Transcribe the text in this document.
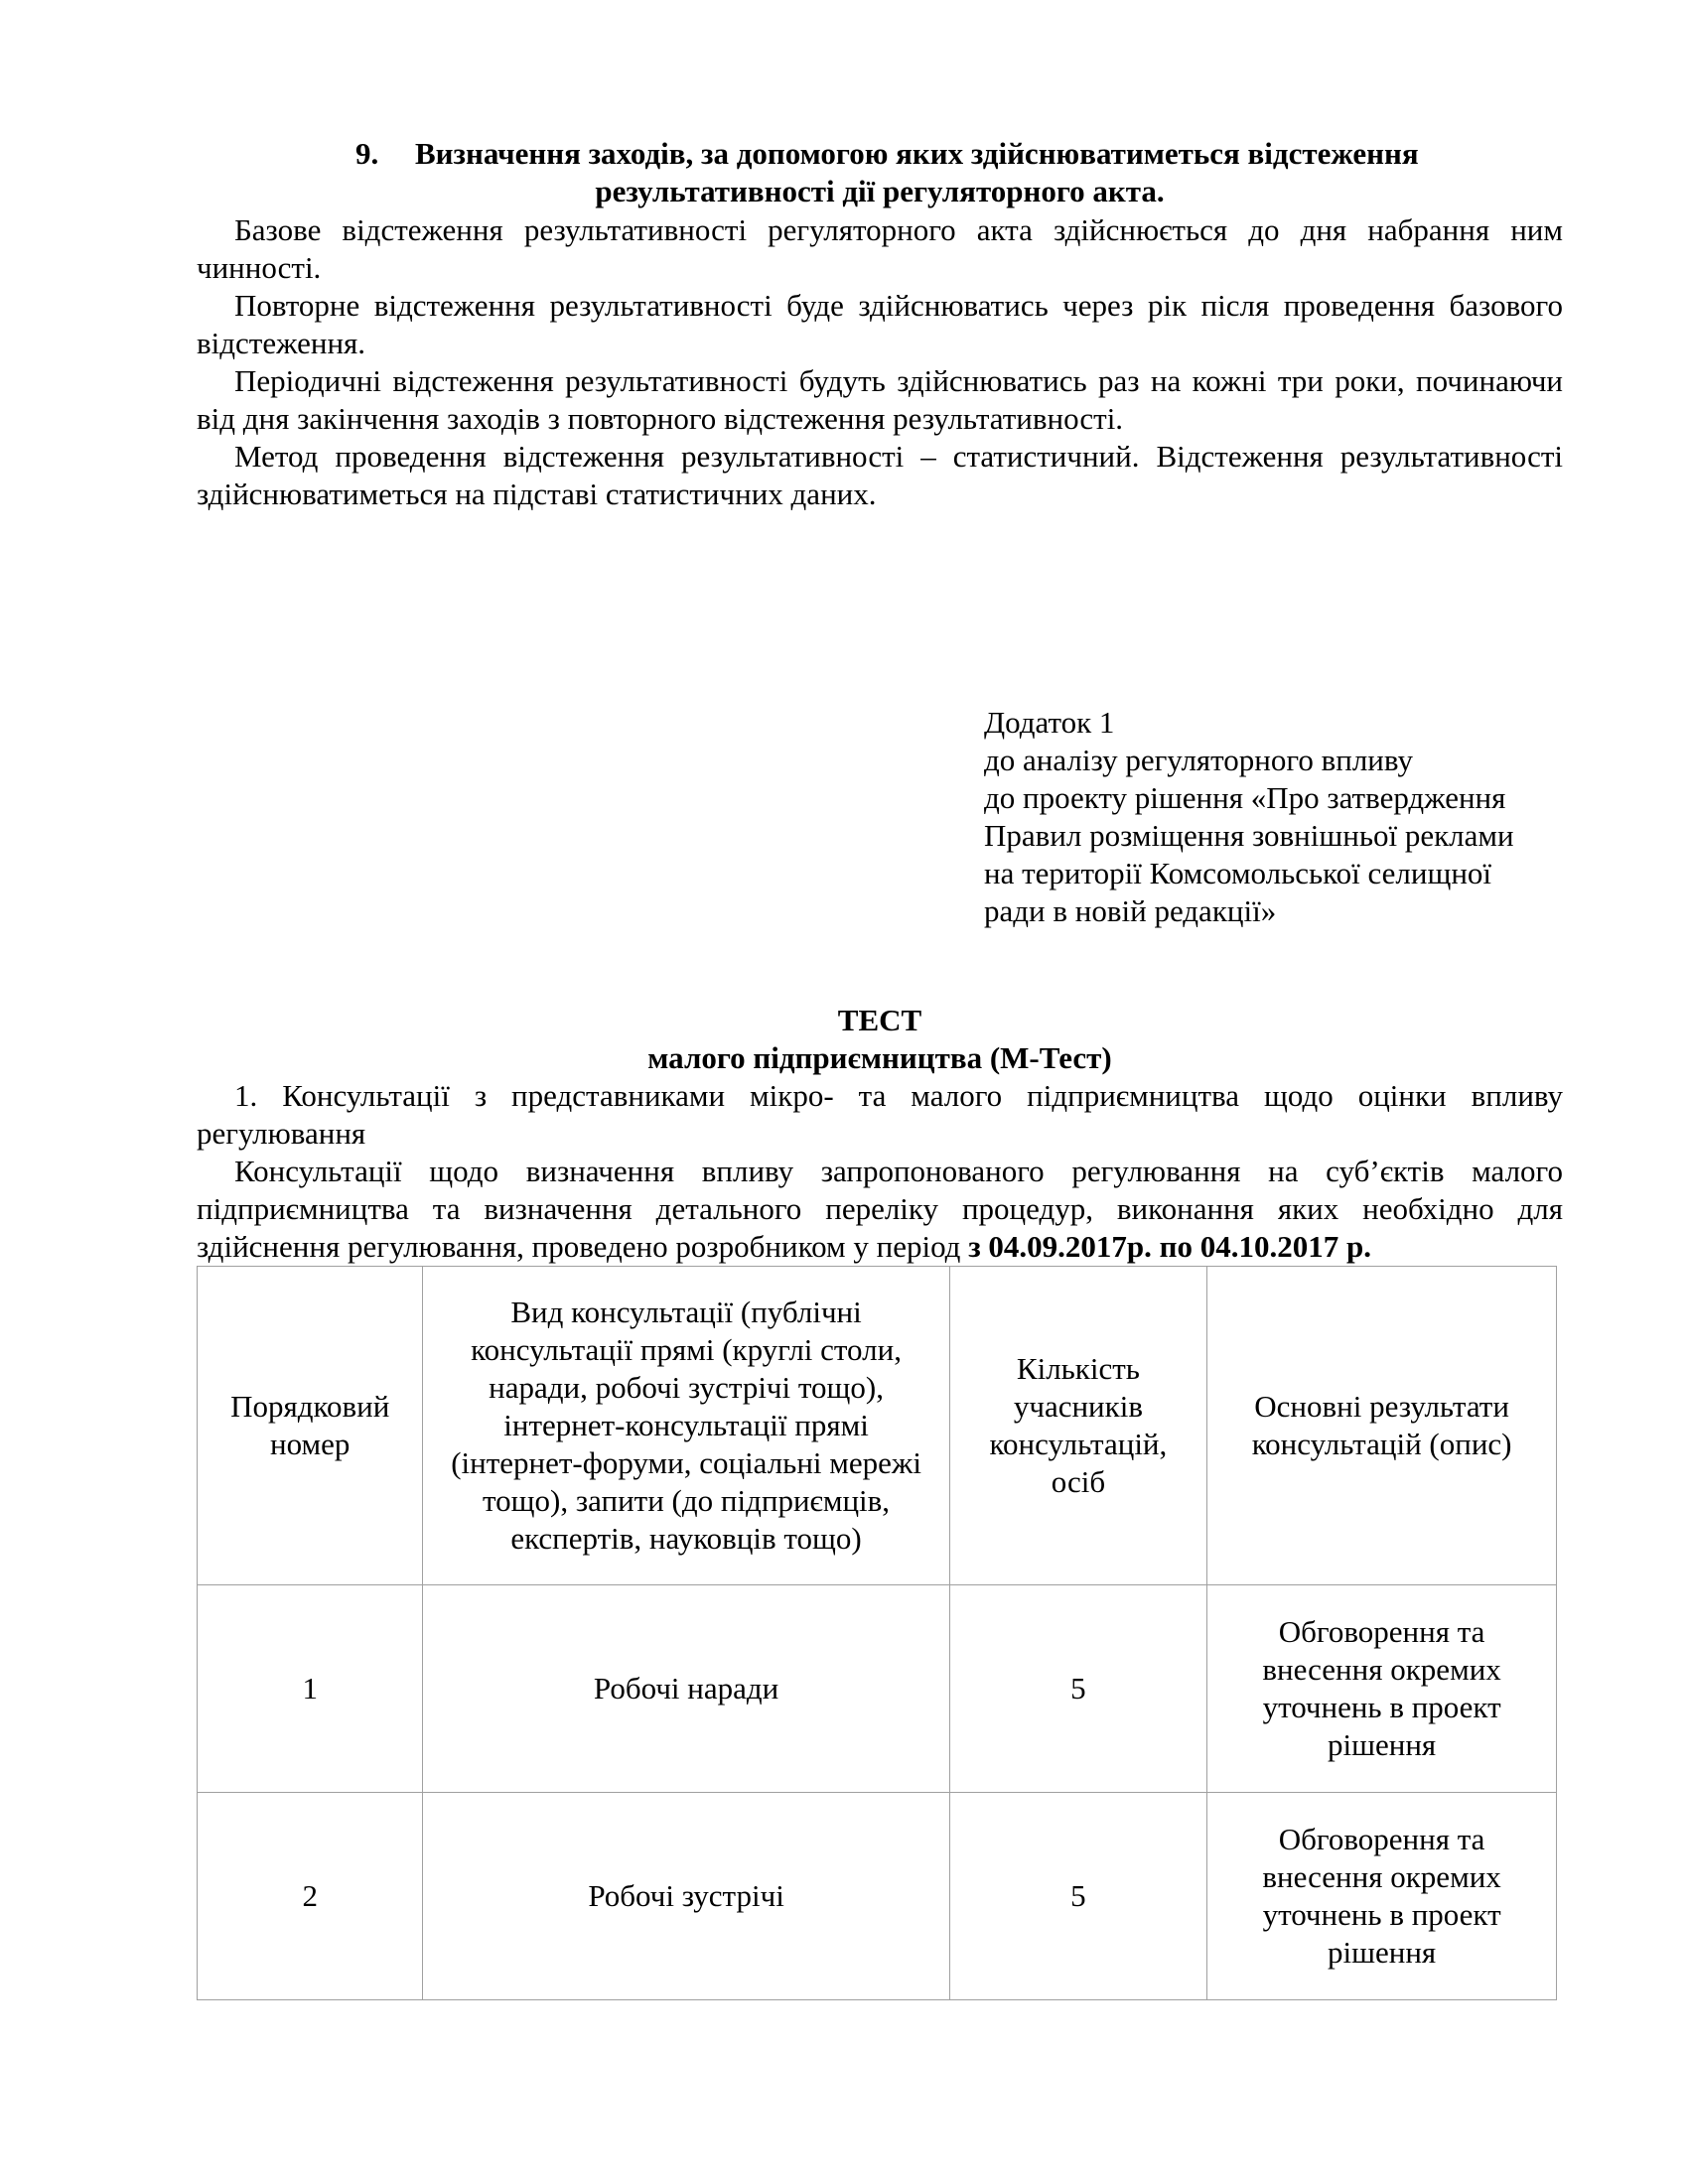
9. Визначення заходів, за допомогою яких здійснюватиметься відстеження
результативності дії регуляторного акта.

Базове відстеження результативності регуляторного акта здійснюється до дня набрання ним чинності.

Повторне відстеження результативності буде здійснюватись через рік після проведення базового відстеження.

Періодичні відстеження результативності будуть здійснюватись раз на кожні три роки, починаючи від дня закінчення заходів з повторного відстеження результативності.

Метод проведення відстеження результативності – статистичний. Відстеження результативності здійснюватиметься на підставі статистичних даних.

Додаток 1
до аналізу регуляторного впливу
до проекту рішення «Про затвердження
Правил розміщення зовнішньої реклами
на території Комсомольської селищної
ради в новій редакції»
ТЕСТ
малого підприємництва (М-Тест)

1. Консультації з представниками мікро- та малого підприємництва щодо оцінки впливу регулювання

Консультації щодо визначення впливу запропонованого регулювання на суб’єктів малого підприємництва та визначення детального переліку процедур, виконання яких необхідно для здійснення регулювання, проведено розробником у період з 04.09.2017р. по 04.10.2017 р.

Порядковий номер	Вид консультації (публічні консультації прямі (круглі столи, наради, робочі зустрічі тощо), інтернет-консультації прямі (інтернет-форуми, соціальні мережі тощо), запити (до підприємців, експертів, науковців тощо)	Кількість учасників консультацій, осіб	Основні результати консультацій (опис)
1	Робочі наради	5	Обговорення та внесення окремих уточнень в проект рішення
2	Робочі зустрічі	5	Обговорення та внесення окремих уточнень в проект рішення
